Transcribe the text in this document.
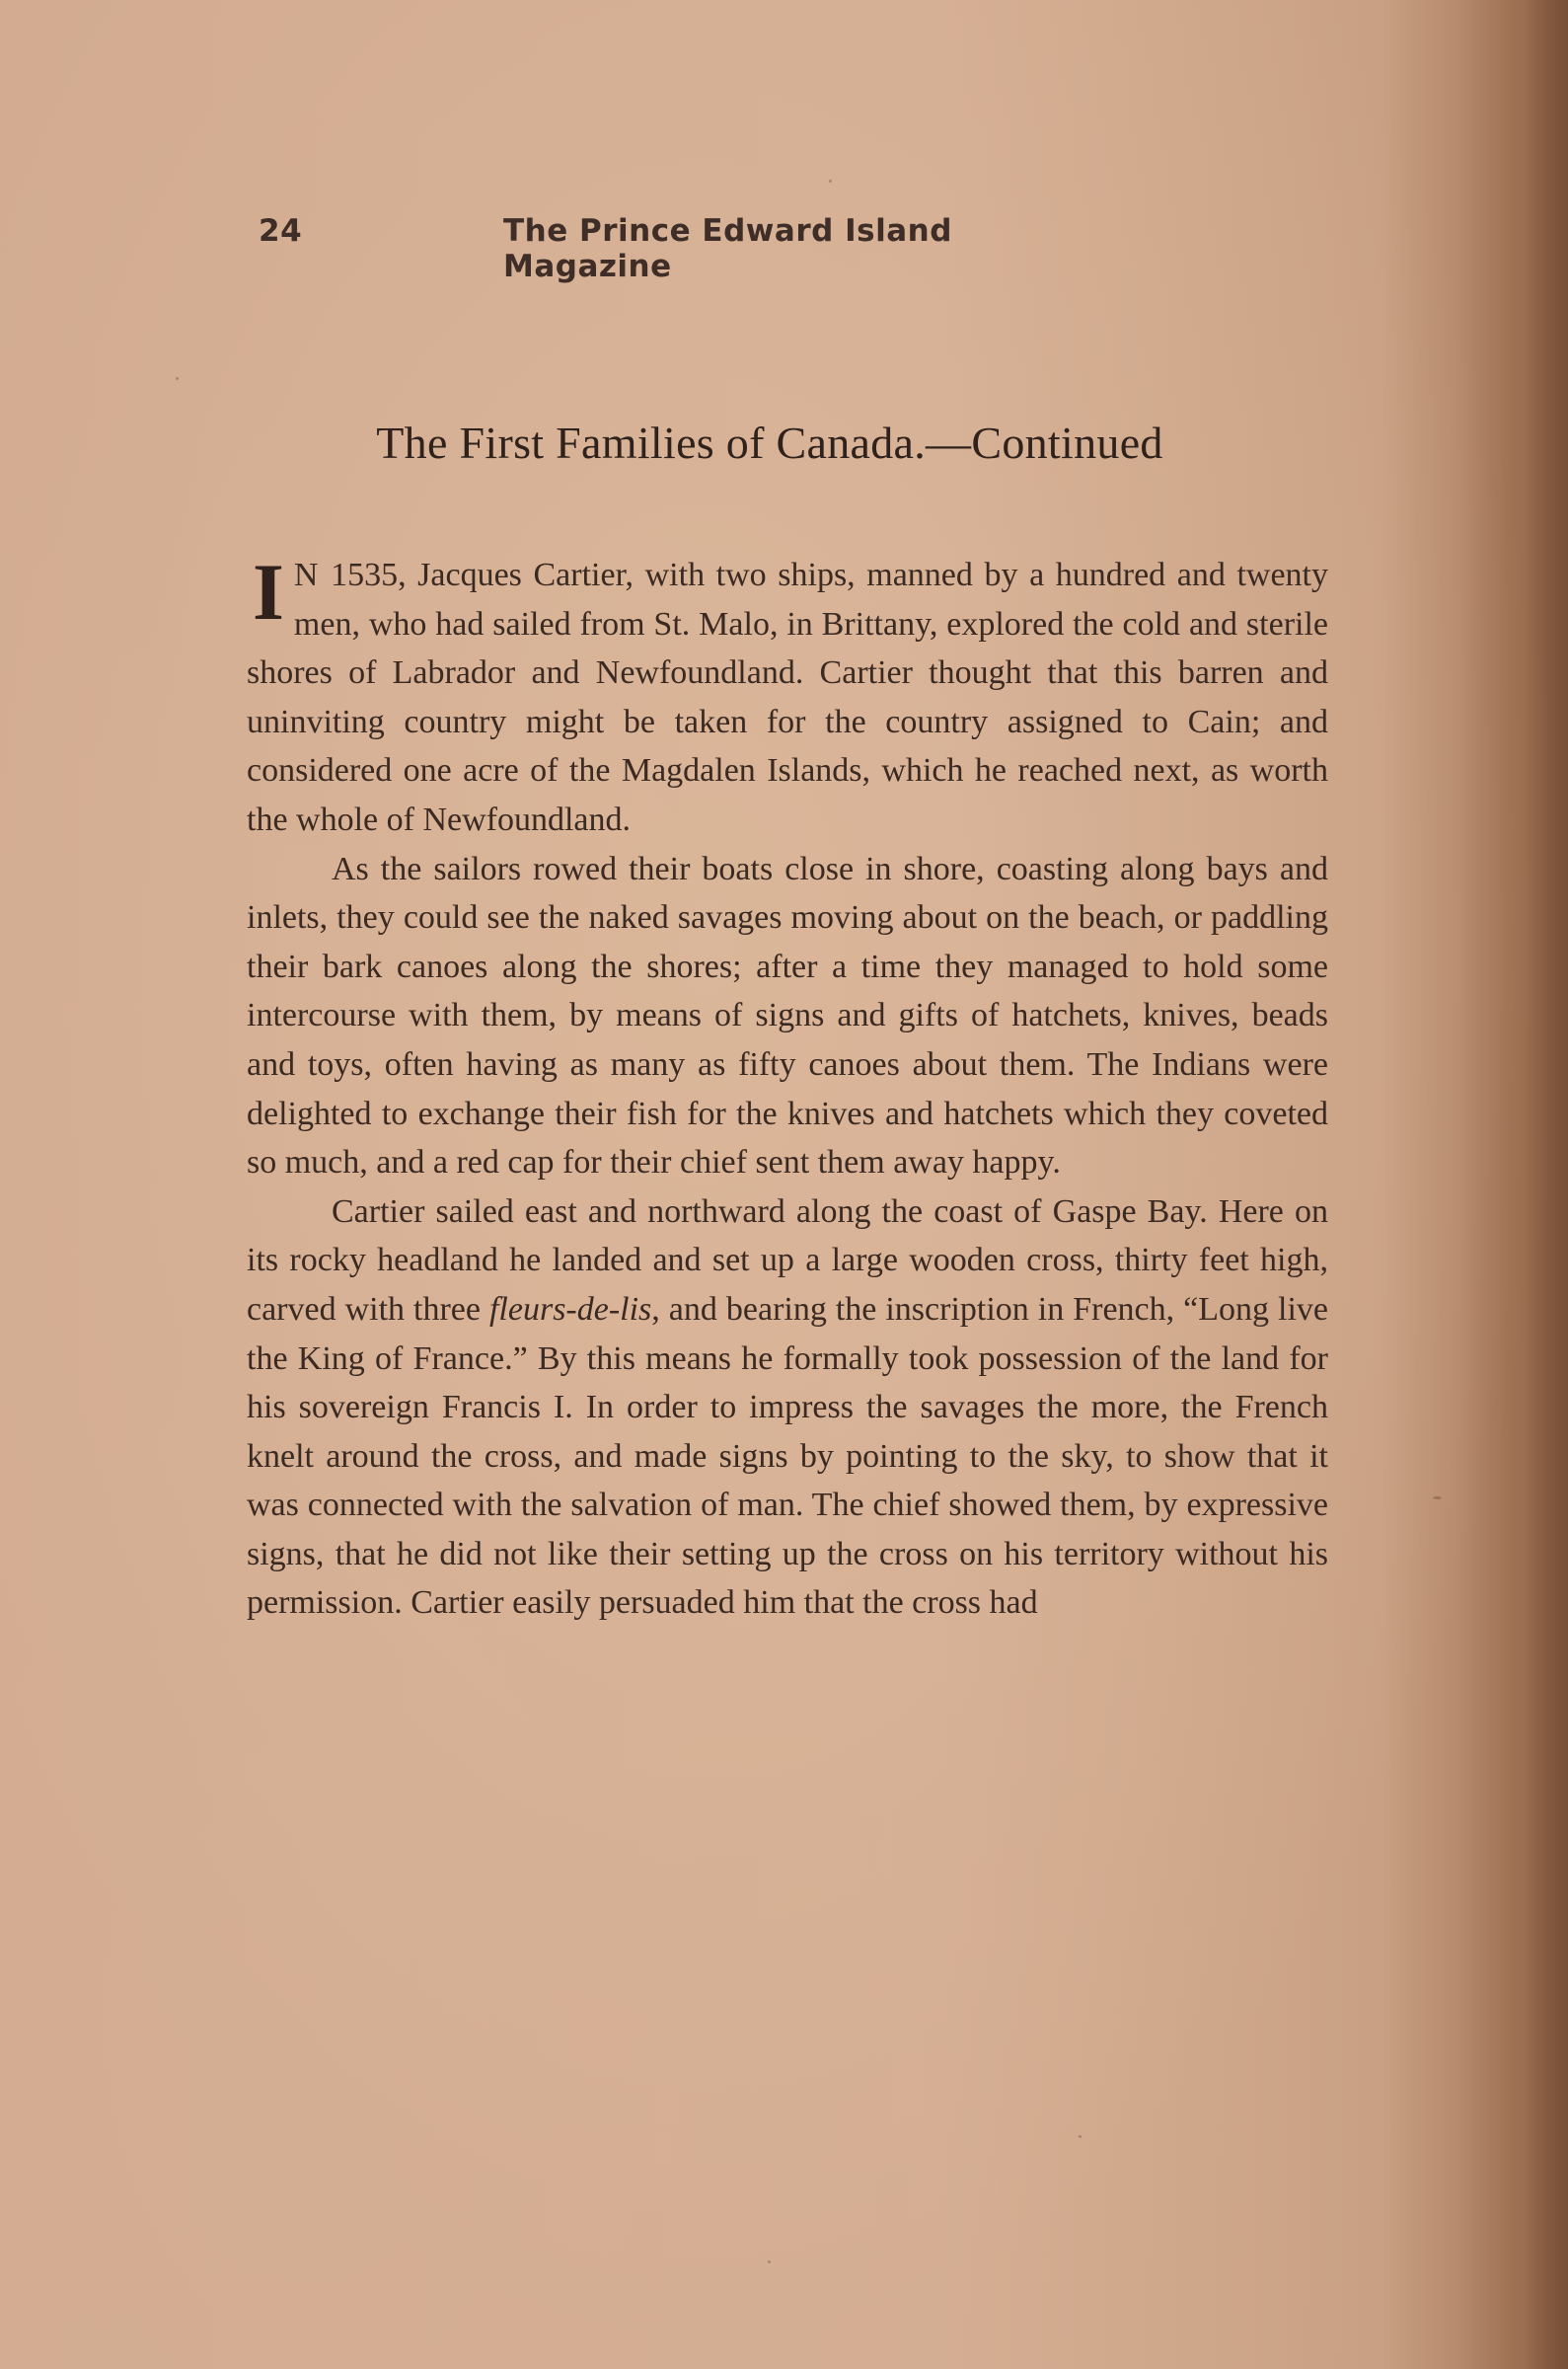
24	The Prince Edward Island Magazine
The First Families of Canada.—Continued

I N 1535, Jacques Cartier, with two ships, manned by a hundred and twenty men, who had sailed from St. Malo, in Brittany, explored the cold and sterile shores of Labrador and Newfoundland. Cartier thought that this barren and uninviting country might be taken for the country assigned to Cain; and considered one acre of the Magdalen Islands, which he reached next, as worth the whole of Newfoundland.

As the sailors rowed their boats close in shore, coasting along bays and inlets, they could see the naked savages moving about on the beach, or paddling their bark canoes along the shores; after a time they managed to hold some intercourse with them, by means of signs and gifts of hatchets, knives, beads and toys, often having as many as fifty canoes about them. The Indians were delighted to exchange their fish for the knives and hatchets which they coveted so much, and a red cap for their chief sent them away happy.

Cartier sailed east and northward along the coast of Gaspe Bay. Here on its rocky headland he landed and set up a large wooden cross, thirty feet high, carved with three fleurs-de-lis, and bearing the inscription in French, “Long live the King of France.” By this means he formally took possession of the land for his sovereign Francis I. In order to impress the savages the more, the French knelt around the cross, and made signs by pointing to the sky, to show that it was connected with the salvation of man. The chief showed them, by expressive signs, that he did not like their setting up the cross on his territory without his permission. Cartier easily persuaded him that the cross had
